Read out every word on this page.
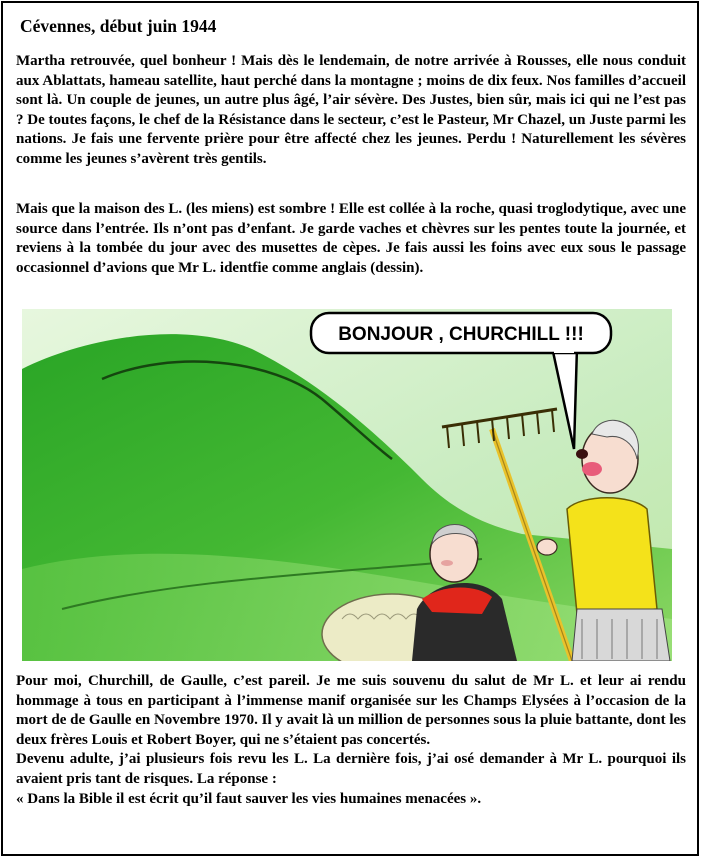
Cévennes, début juin 1944

Martha retrouvée, quel bonheur ! Mais dès le lendemain, de notre arrivée à Rousses, elle nous conduit aux Ablattats, hameau satellite, haut perché dans la montagne ; moins de dix feux. Nos familles d’accueil sont là. Un couple de jeunes, un autre plus âgé, l’air sévère. Des Justes, bien sûr, mais ici qui ne l’est pas ? De toutes façons, le chef de la Résistance dans le secteur, c’est le Pasteur, Mr Chazel, un Juste parmi les nations. Je fais une fervente prière pour être affecté chez les jeunes. Perdu ! Naturellement les sévères comme les jeunes s’avèrent très gentils.

Mais que la maison des L. (les miens) est sombre ! Elle est collée à la roche, quasi troglodytique, avec une source dans l’entrée. Ils n’ont pas d’enfant. Je garde vaches et chèvres sur les pentes toute la journée, et reviens à la tombée du jour avec des musettes de cèpes. Je fais aussi les foins avec eux sous le passage occasionnel d’avions que Mr L. identfie comme anglais (dessin).

BONJOUR , CHURCHILL !!!

Pour moi, Churchill, de Gaulle, c’est pareil. Je me suis souvenu du salut de Mr L. et leur ai rendu hommage à tous en participant à l’immense manif organisée sur les Champs Elysées à l’occasion de la mort de de Gaulle en Novembre 1970. Il y avait là un million de personnes sous la pluie battante, dont les deux frères Louis et Robert Boyer, qui ne s’étaient pas concertés.

Devenu adulte, j’ai plusieurs fois revu les L. La dernière fois, j’ai osé demander à Mr L. pourquoi ils avaient pris tant de risques. La réponse :

« Dans la Bible il est écrit qu’il faut sauver les vies humaines menacées ».
